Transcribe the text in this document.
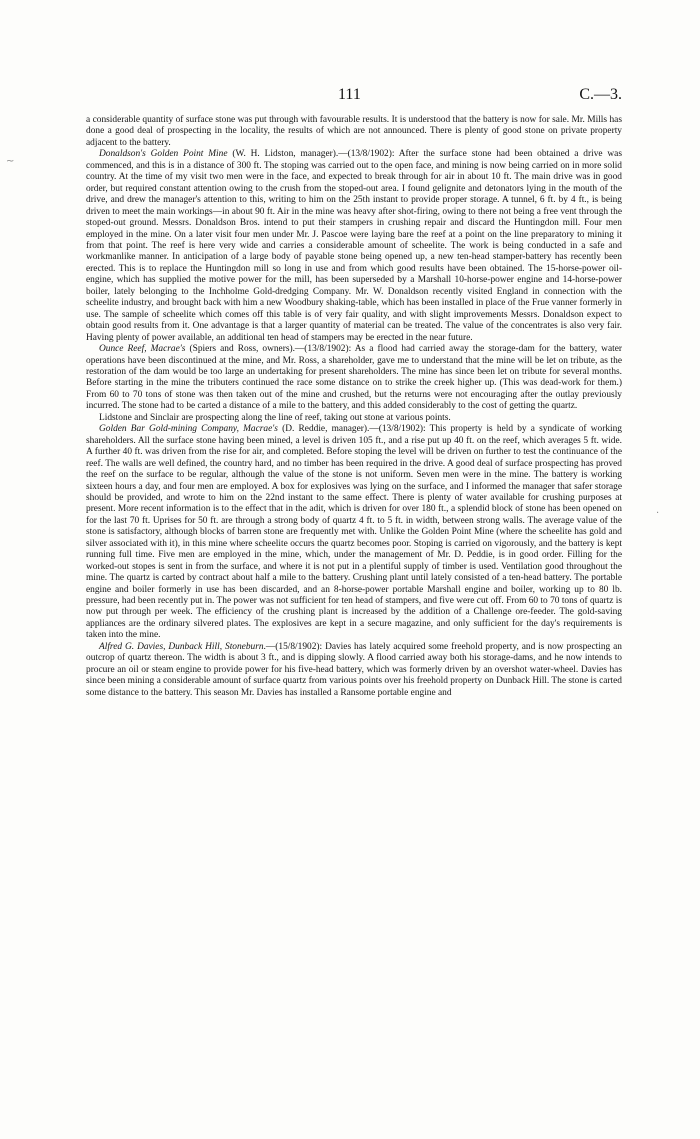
111	C.—3.
~
·

a considerable quantity of surface stone was put through with favourable results. It is understood that the battery is now for sale. Mr. Mills has done a good deal of prospecting in the locality, the results of which are not announced. There is plenty of good stone on private property adjacent to the battery.

Donaldson's Golden Point Mine (W. H. Lidston, manager).—(13/8/1902): After the surface stone had been obtained a drive was commenced, and this is in a distance of 300 ft. The stoping was carried out to the open face, and mining is now being carried on in more solid country. At the time of my visit two men were in the face, and expected to break through for air in about 10 ft. The main drive was in good order, but required constant attention owing to the crush from the stoped-out area. I found gelignite and detonators lying in the mouth of the drive, and drew the manager's attention to this, writing to him on the 25th instant to provide proper storage. A tunnel, 6 ft. by 4 ft., is being driven to meet the main workings—in about 90 ft. Air in the mine was heavy after shot-firing, owing to there not being a free vent through the stoped-out ground. Messrs. Donaldson Bros. intend to put their stampers in crushing repair and discard the Huntingdon mill. Four men employed in the mine. On a later visit four men under Mr. J. Pascoe were laying bare the reef at a point on the line preparatory to mining it from that point. The reef is here very wide and carries a considerable amount of scheelite. The work is being conducted in a safe and workmanlike manner. In anticipation of a large body of payable stone being opened up, a new ten-head stamper-battery has recently been erected. This is to replace the Huntingdon mill so long in use and from which good results have been obtained. The 15-horse-power oil-engine, which has supplied the motive power for the mill, has been superseded by a Marshall 10-horse-power engine and 14-horse-power boiler, lately belonging to the Inchholme Gold-dredging Company. Mr. W. Donaldson recently visited England in connection with the scheelite industry, and brought back with him a new Woodbury shaking-table, which has been installed in place of the Frue vanner formerly in use. The sample of scheelite which comes off this table is of very fair quality, and with slight improvements Messrs. Donaldson expect to obtain good results from it. One advantage is that a larger quantity of material can be treated. The value of the concentrates is also very fair. Having plenty of power available, an additional ten head of stampers may be erected in the near future.

Ounce Reef, Macrae's (Spiers and Ross, owners).—(13/8/1902): As a flood had carried away the storage-dam for the battery, water operations have been discontinued at the mine, and Mr. Ross, a shareholder, gave me to understand that the mine will be let on tribute, as the restoration of the dam would be too large an undertaking for present shareholders. The mine has since been let on tribute for several months. Before starting in the mine the tributers continued the race some distance on to strike the creek higher up. (This was dead-work for them.) From 60 to 70 tons of stone was then taken out of the mine and crushed, but the returns were not encouraging after the outlay previously incurred. The stone had to be carted a distance of a mile to the battery, and this added considerably to the cost of getting the quartz.

Lidstone and Sinclair are prospecting along the line of reef, taking out stone at various points.

Golden Bar Gold-mining Company, Macrae's (D. Reddie, manager).—(13/8/1902): This property is held by a syndicate of working shareholders. All the surface stone having been mined, a level is driven 105 ft., and a rise put up 40 ft. on the reef, which averages 5 ft. wide. A further 40 ft. was driven from the rise for air, and completed. Before stoping the level will be driven on further to test the continuance of the reef. The walls are well defined, the country hard, and no timber has been required in the drive. A good deal of surface prospecting has proved the reef on the surface to be regular, although the value of the stone is not uniform. Seven men were in the mine. The battery is working sixteen hours a day, and four men are employed. A box for explosives was lying on the surface, and I informed the manager that safer storage should be provided, and wrote to him on the 22nd instant to the same effect. There is plenty of water available for crushing purposes at present. More recent information is to the effect that in the adit, which is driven for over 180 ft., a splendid block of stone has been opened on for the last 70 ft. Uprises for 50 ft. are through a strong body of quartz 4 ft. to 5 ft. in width, between strong walls. The average value of the stone is satisfactory, although blocks of barren stone are frequently met with. Unlike the Golden Point Mine (where the scheelite has gold and silver associated with it), in this mine where scheelite occurs the quartz becomes poor. Stoping is carried on vigorously, and the battery is kept running full time. Five men are employed in the mine, which, under the management of Mr. D. Peddie, is in good order. Filling for the worked-out stopes is sent in from the surface, and where it is not put in a plentiful supply of timber is used. Ventilation good throughout the mine. The quartz is carted by contract about half a mile to the battery. Crushing plant until lately consisted of a ten-head battery. The portable engine and boiler formerly in use has been discarded, and an 8-horse-power portable Marshall engine and boiler, working up to 80 lb. pressure, had been recently put in. The power was not sufficient for ten head of stampers, and five were cut off. From 60 to 70 tons of quartz is now put through per week. The efficiency of the crushing plant is increased by the addition of a Challenge ore-feeder. The gold-saving appliances are the ordinary silvered plates. The explosives are kept in a secure magazine, and only sufficient for the day's requirements is taken into the mine.

Alfred G. Davies, Dunback Hill, Stoneburn.—(15/8/1902): Davies has lately acquired some freehold property, and is now prospecting an outcrop of quartz thereon. The width is about 3 ft., and is dipping slowly. A flood carried away both his storage-dams, and he now intends to procure an oil or steam engine to provide power for his five-head battery, which was formerly driven by an overshot water-wheel. Davies has since been mining a considerable amount of surface quartz from various points over his freehold property on Dunback Hill. The stone is carted some distance to the battery. This season Mr. Davies has installed a Ransome portable engine and
